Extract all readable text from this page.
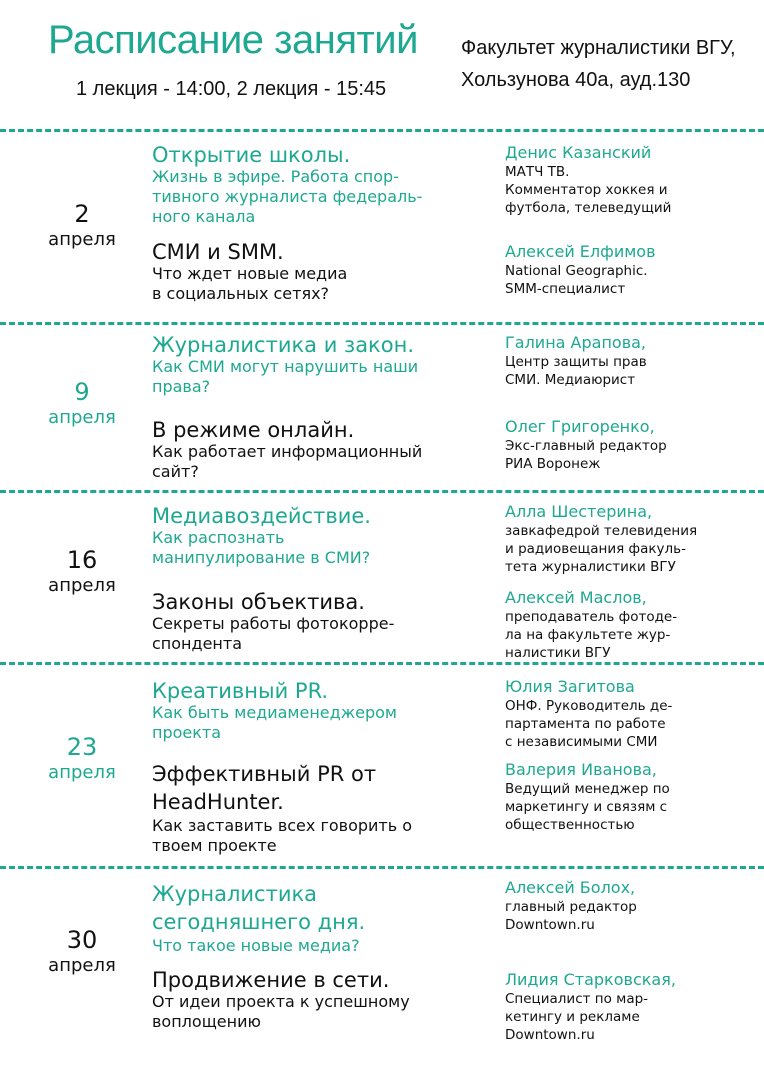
Расписание занятий
1 лекция - 14:00, 2 лекция - 15:45
Факультет журналистики ВГУ,
Хользунова 40а, ауд.130
2
апреля
Открытие школы.
Жизнь в эфире. Работа спор-
тивного журналиста федераль-
ного канала
СМИ и SMM.
Что ждет новые медиа
в социальных сетях?
Денис Казанский
МАТЧ ТВ.
Комментатор хоккея и
футбола, телеведущий
Алексей Елфимов
National Geographic.
SMM-специалист
9
апреля
Журналистика и закон.
Как СМИ могут нарушить наши
права?
В режиме онлайн.
Как работает информационный
сайт?
Галина Арапова,
Центр защиты прав
СМИ. Медиаюрист
Олег Григоренко,
Экс-главный редактор
РИА Воронеж
16
апреля
Медиавоздействие.
Как распознать
манипулирование в СМИ?
Законы объектива.
Секреты работы фотокорре-
спондента
Алла Шестерина,
завкафедрой телевидения
и радиовещания факуль-
тета журналистики ВГУ
Алексей Маслов,
преподаватель фотоде-
ла на факультете жур-
налистики ВГУ
23
апреля
Креативный PR.
Как быть медиаменеджером
проекта
Эффективный PR от
HeadHunter.
Как заставить всех говорить о
твоем проекте
Юлия Загитова
ОНФ. Руководитель де-
партамента по работе
с независимыми СМИ
Валерия Иванова,
Ведущий менеджер по
маркетингу и связям с
общественностью
30
апреля
Журналистика
сегодняшнего дня.
Что такое новые медиа?
Продвижение в сети.
От идеи проекта к успешному
воплощению
Алексей Болох,
главный редактор
Downtown.ru
Лидия Старковская,
Специалист по мар-
кетингу и рекламе
Downtown.ru
